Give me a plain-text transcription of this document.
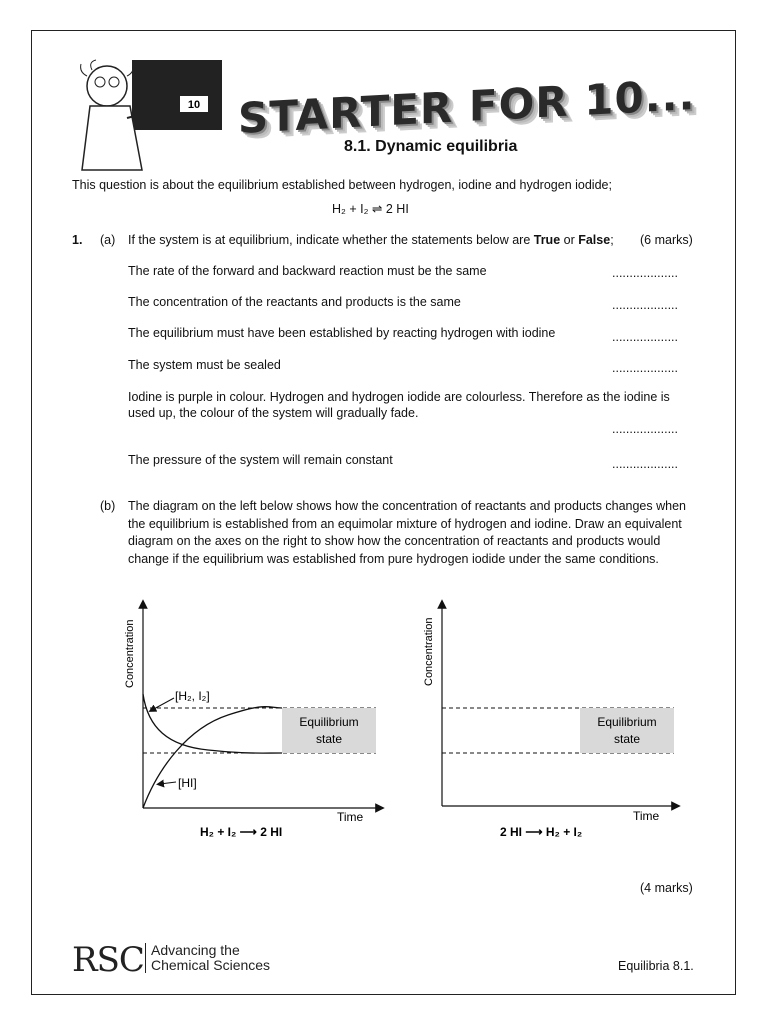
10 STARTER FOR 10...
8.1. Dynamic equilibria
This question is about the equilibrium established between hydrogen, iodine and hydrogen iodide;
H₂ + I₂ ⇌ 2 HI
1. (a) If the system is at equilibrium, indicate whether the statements below are True or False; (6 marks)
The rate of the forward and backward reaction must be the same	...................
The concentration of the reactants and products is the same	...................
The equilibrium must have been established by reacting hydrogen with iodine	...................
The system must be sealed	...................
Iodine is purple in colour. Hydrogen and hydrogen iodide are colourless. Therefore as the iodine is used up, the colour of the system will gradually fade.
...................
The pressure of the system will remain constant	...................
(b) The diagram on the left below shows how the concentration of reactants and products changes when the equilibrium is established from an equimolar mixture of hydrogen and iodine. Draw an equivalent diagram on the axes on the right to show how the concentration of reactants and products would change if the equilibrium was established from pure hydrogen iodide under the same conditions.
Concentration
Time
Equilibrium
state
[H₂, I₂]
[HI]
H₂ + I₂ ⟶ 2 HI
Concentration
Time
2 HI ⟶ H₂ + I₂
(4 marks)
RSC Advancing the
Chemical Sciences	Equilibria 8.1.
